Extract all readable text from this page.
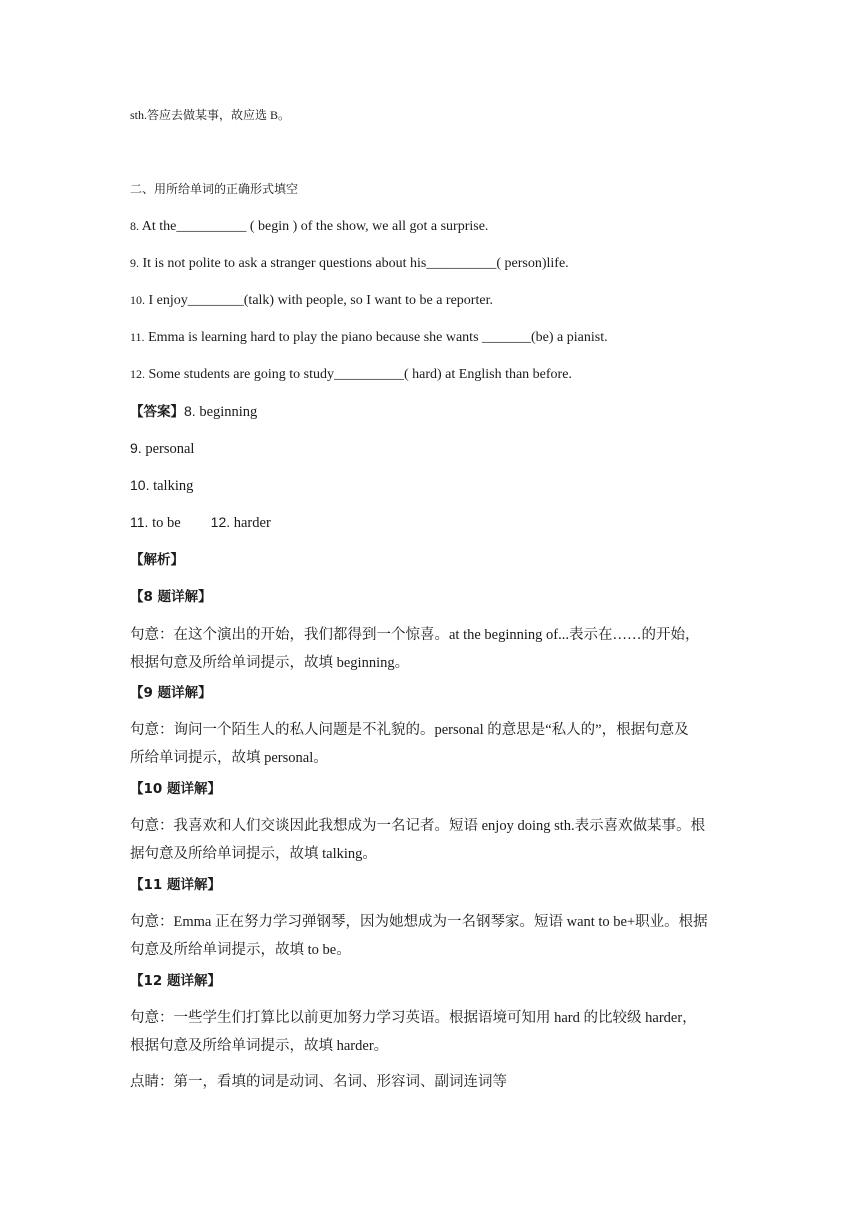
sth.答应去做某事，故应选 B。
二、用所给单词的正确形式填空
8. At the__________ ( begin ) of the show, we all got a surprise.
9. It is not polite to ask a stranger questions about his__________( person)life.
10. I enjoy________(talk) with people, so I want to be a reporter.
11. Emma is learning hard to play the piano because she wants _______(be) a pianist.
12. Some students are going to study__________( hard) at English than before.
【答案】8. beginning
9. personal
10. talking
11. to be 12. harder
【解析】
【8 题详解】
句意：在这个演出的开始，我们都得到一个惊喜。at the beginning of...表示在……的开始，
根据句意及所给单词提示，故填 beginning。
【9 题详解】
句意：询问一个陌生人的私人问题是不礼貌的。personal 的意思是“私人的”，根据句意及
所给单词提示，故填 personal。
【10 题详解】
句意：我喜欢和人们交谈因此我想成为一名记者。短语 enjoy doing sth.表示喜欢做某事。根
据句意及所给单词提示，故填 talking。
【11 题详解】
句意：Emma 正在努力学习弹钢琴，因为她想成为一名钢琴家。短语 want to be+职业。根据
句意及所给单词提示，故填 to be。
【12 题详解】
句意：一些学生们打算比以前更加努力学习英语。根据语境可知用 hard 的比较级 harder，
根据句意及所给单词提示，故填 harder。
点睛：第一，看填的词是动词、名词、形容词、副词连词等
